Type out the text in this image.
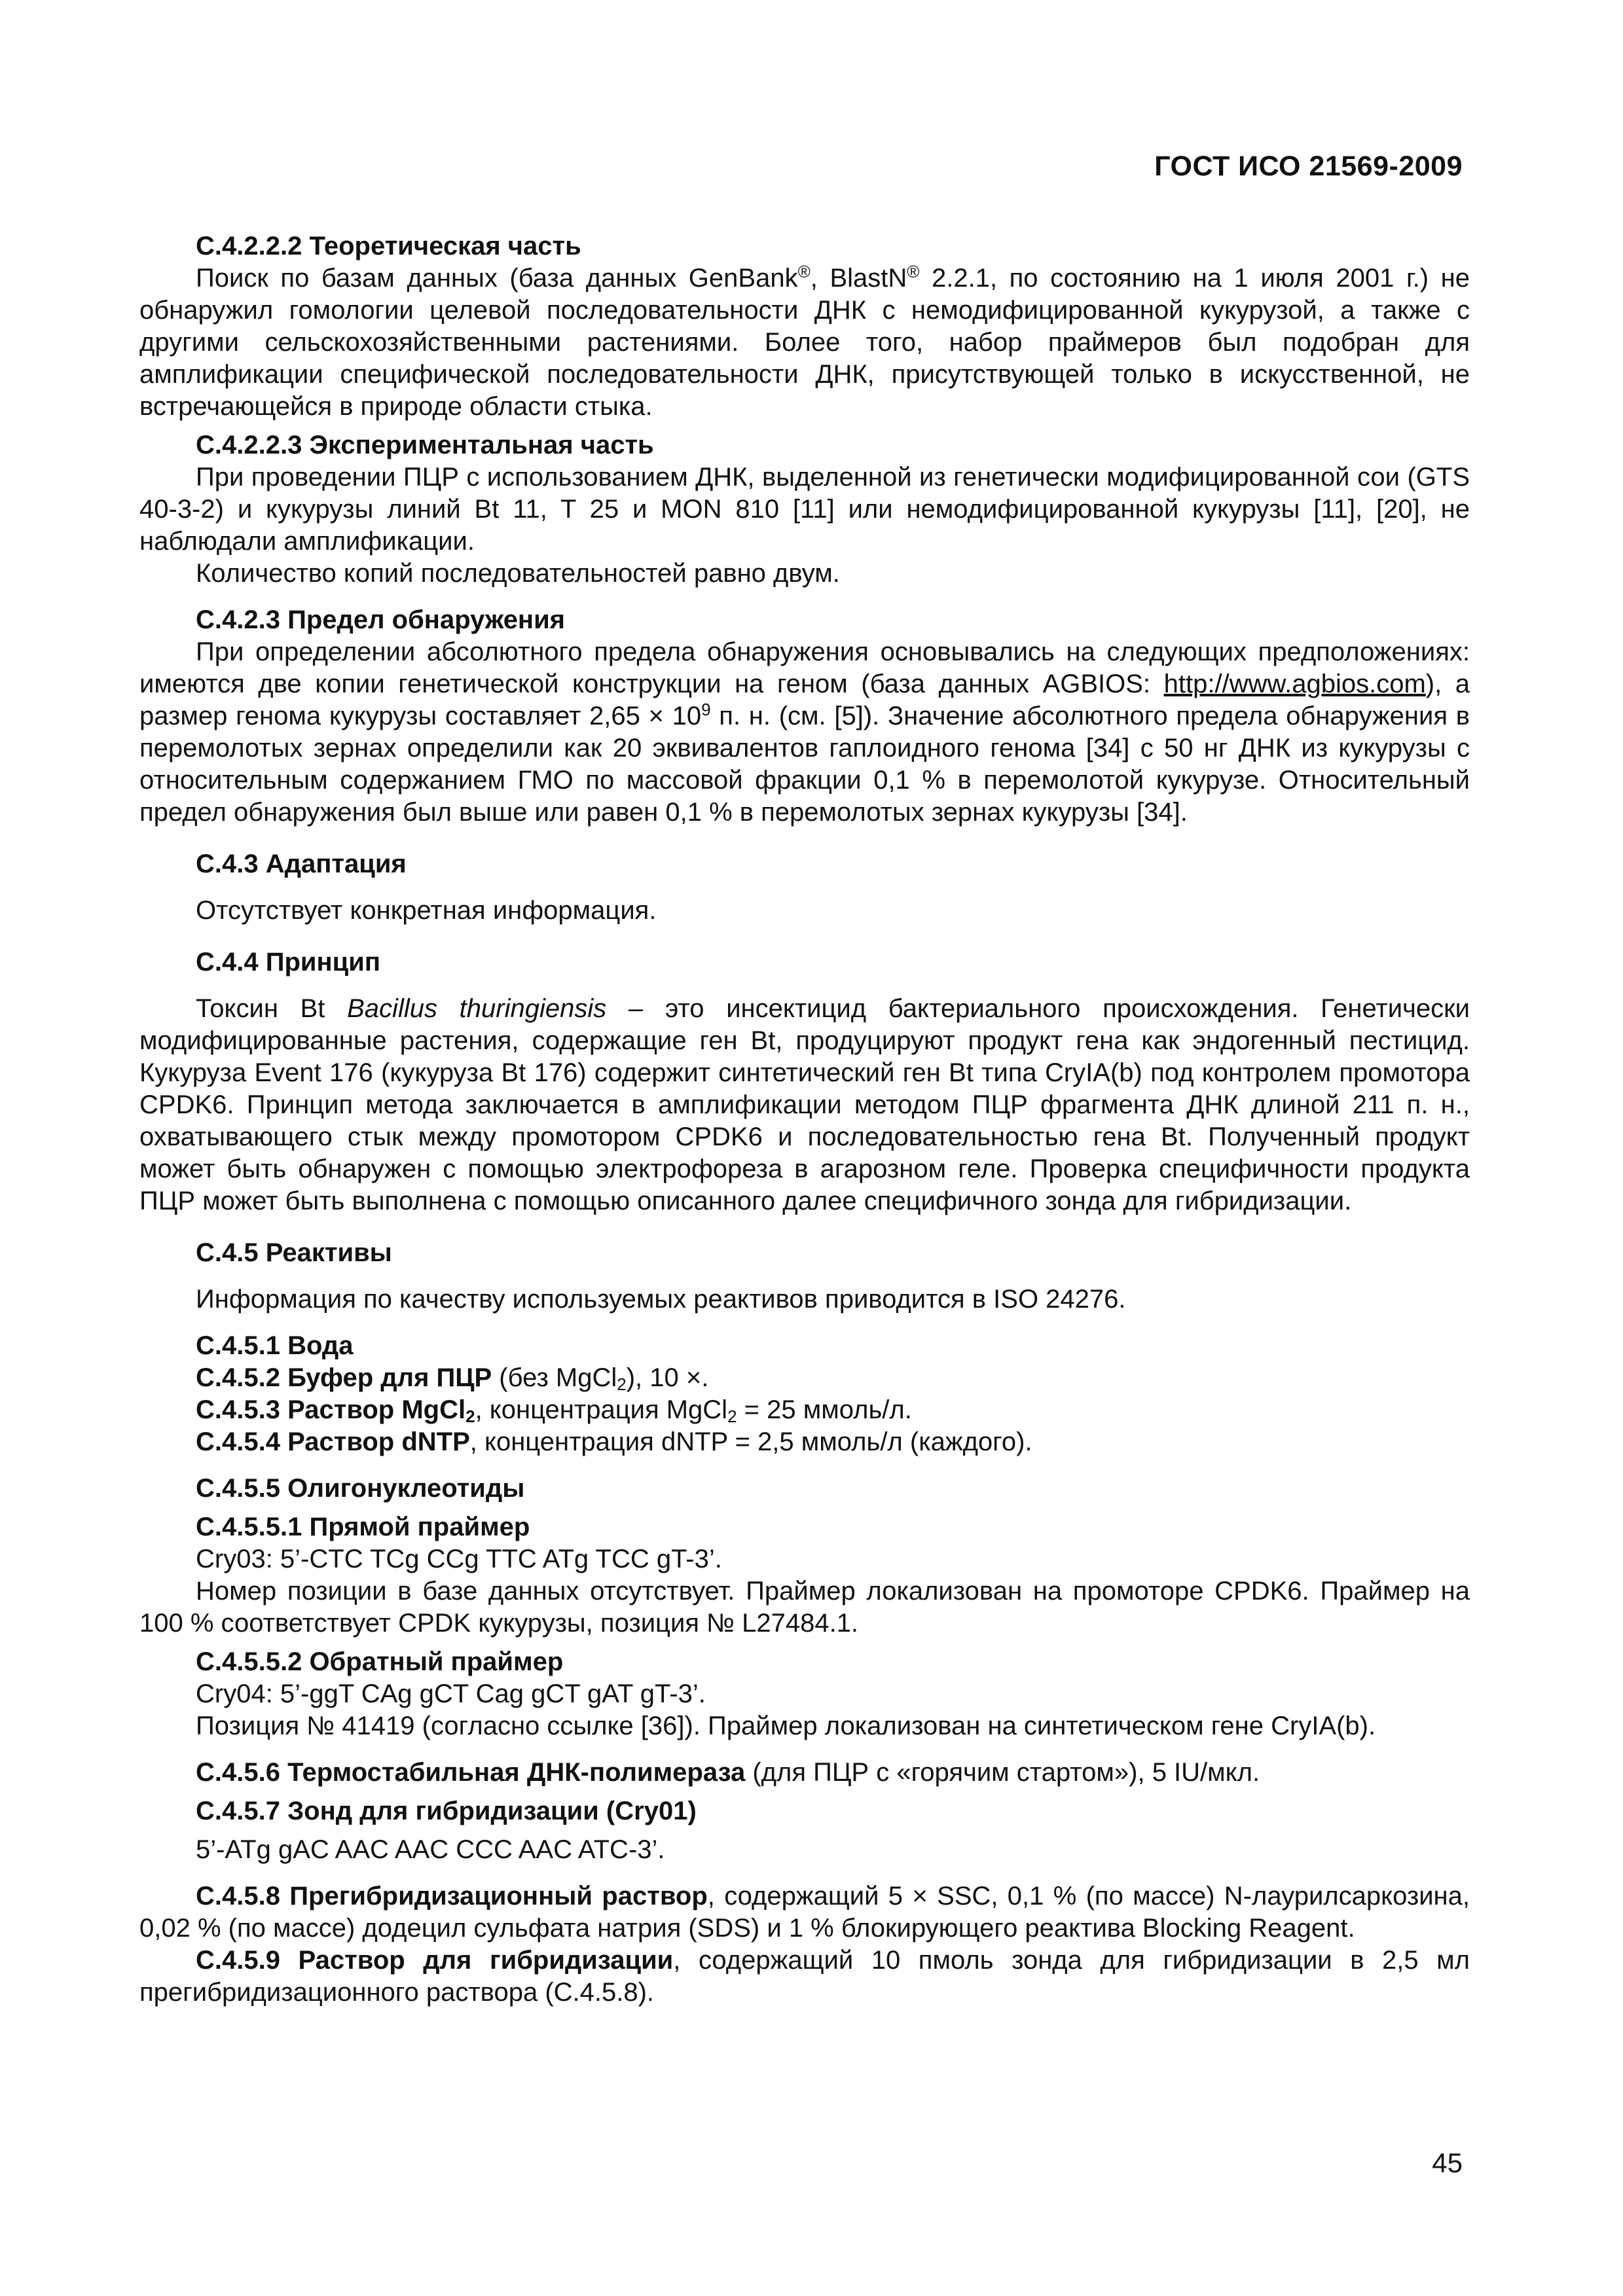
ГОСТ ИСО 21569-2009

С.4.2.2.2 Теоретическая часть

Поиск по базам данных (база данных GenBank®, BlastN® 2.2.1, по состоянию на 1 июля 2001 г.) не обнаружил гомологии целевой последовательности ДНК с немодифицированной кукурузой, а также с другими сельскохозяйственными растениями. Более того, набор праймеров был подобран для амплификации специфической последовательности ДНК, присутствующей только в искусственной, не встречающейся в природе области стыка.

С.4.2.2.3 Экспериментальная часть

При проведении ПЦР с использованием ДНК, выделенной из генетически модифицированной сои (GTS 40-3-2) и кукурузы линий Bt 11, T 25 и MON 810 [11] или немодифицированной кукурузы [11], [20], не наблюдали амплификации.

Количество копий последовательностей равно двум.

С.4.2.3 Предел обнаружения

При определении абсолютного предела обнаружения основывались на следующих предположениях: имеются две копии генетической конструкции на геном (база данных AGBIOS: http://www.agbios.com), а размер генома кукурузы составляет $2,65 \times 10^9$ п. н. (см. [5]). Значение абсолютного предела обнаружения в перемолотых зернах определили как 20 эквивалентов гаплоидного генома [34] с 50 нг ДНК из кукурузы с относительным содержанием ГМО по массовой фракции 0,1 % в перемолотой кукурузе. Относительный предел обнаружения был выше или равен 0,1 % в перемолотых зернах кукурузы [34].

С.4.3 Адаптация

Отсутствует конкретная информация.

С.4.4 Принцип

Токсин Bt Bacillus thuringiensis – это инсектицид бактериального происхождения. Генетически модифицированные растения, содержащие ген Bt, продуцируют продукт гена как эндогенный пестицид. Кукуруза Event 176 (кукуруза Bt 176) содержит синтетический ген Bt типа CryIA(b) под контролем промотора CPDK6. Принцип метода заключается в амплификации методом ПЦР фрагмента ДНК длиной 211 п. н., охватывающего стык между промотором CPDK6 и последовательностью гена Bt. Полученный продукт может быть обнаружен с помощью электрофореза в агарозном геле. Проверка специфичности продукта ПЦР может быть выполнена с помощью описанного далее специфичного зонда для гибридизации.

С.4.5 Реактивы

Информация по качеству используемых реактивов приводится в ISO 24276.

С.4.5.1 Вода

С.4.5.2 Буфер для ПЦР (без MgCl$_2$), 10 ×.

С.4.5.3 Раствор MgCl$_2$, концентрация MgCl$_2$ = 25 ммоль/л.

С.4.5.4 Раствор dNTP, концентрация dNTP = 2,5 ммоль/л (каждого).

С.4.5.5 Олигонуклеотиды

С.4.5.5.1 Прямой праймер

Cry03: 5’-CTC TCg CCg TTC ATg TCC gT-3’.

Номер позиции в базе данных отсутствует. Праймер локализован на промоторе CPDK6. Праймер на 100 % соответствует CPDK кукурузы, позиция № L27484.1.

С.4.5.5.2 Обратный праймер

Cry04: 5’-ggT CAg gCT Cag gCT gAT gT-3’.

Позиция № 41419 (согласно ссылке [36]). Праймер локализован на синтетическом гене CryIA(b).

С.4.5.6 Термостабильная ДНК-полимераза (для ПЦР с «горячим стартом»), 5 IU/мкл.

С.4.5.7 Зонд для гибридизации (Cry01)

5’-ATg gAC AAC AAC CCC AAC ATC-3’.

С.4.5.8 Прегибридизационный раствор, содержащий 5 × SSC, 0,1 % (по массе) N-лаурилсаркозина, 0,02 % (по массе) додецил сульфата натрия (SDS) и 1 % блокирующего реактива Blocking Reagent.

С.4.5.9 Раствор для гибридизации, содержащий 10 пмоль зонда для гибридизации в 2,5 мл прегибридизационного раствора (С.4.5.8).

45
